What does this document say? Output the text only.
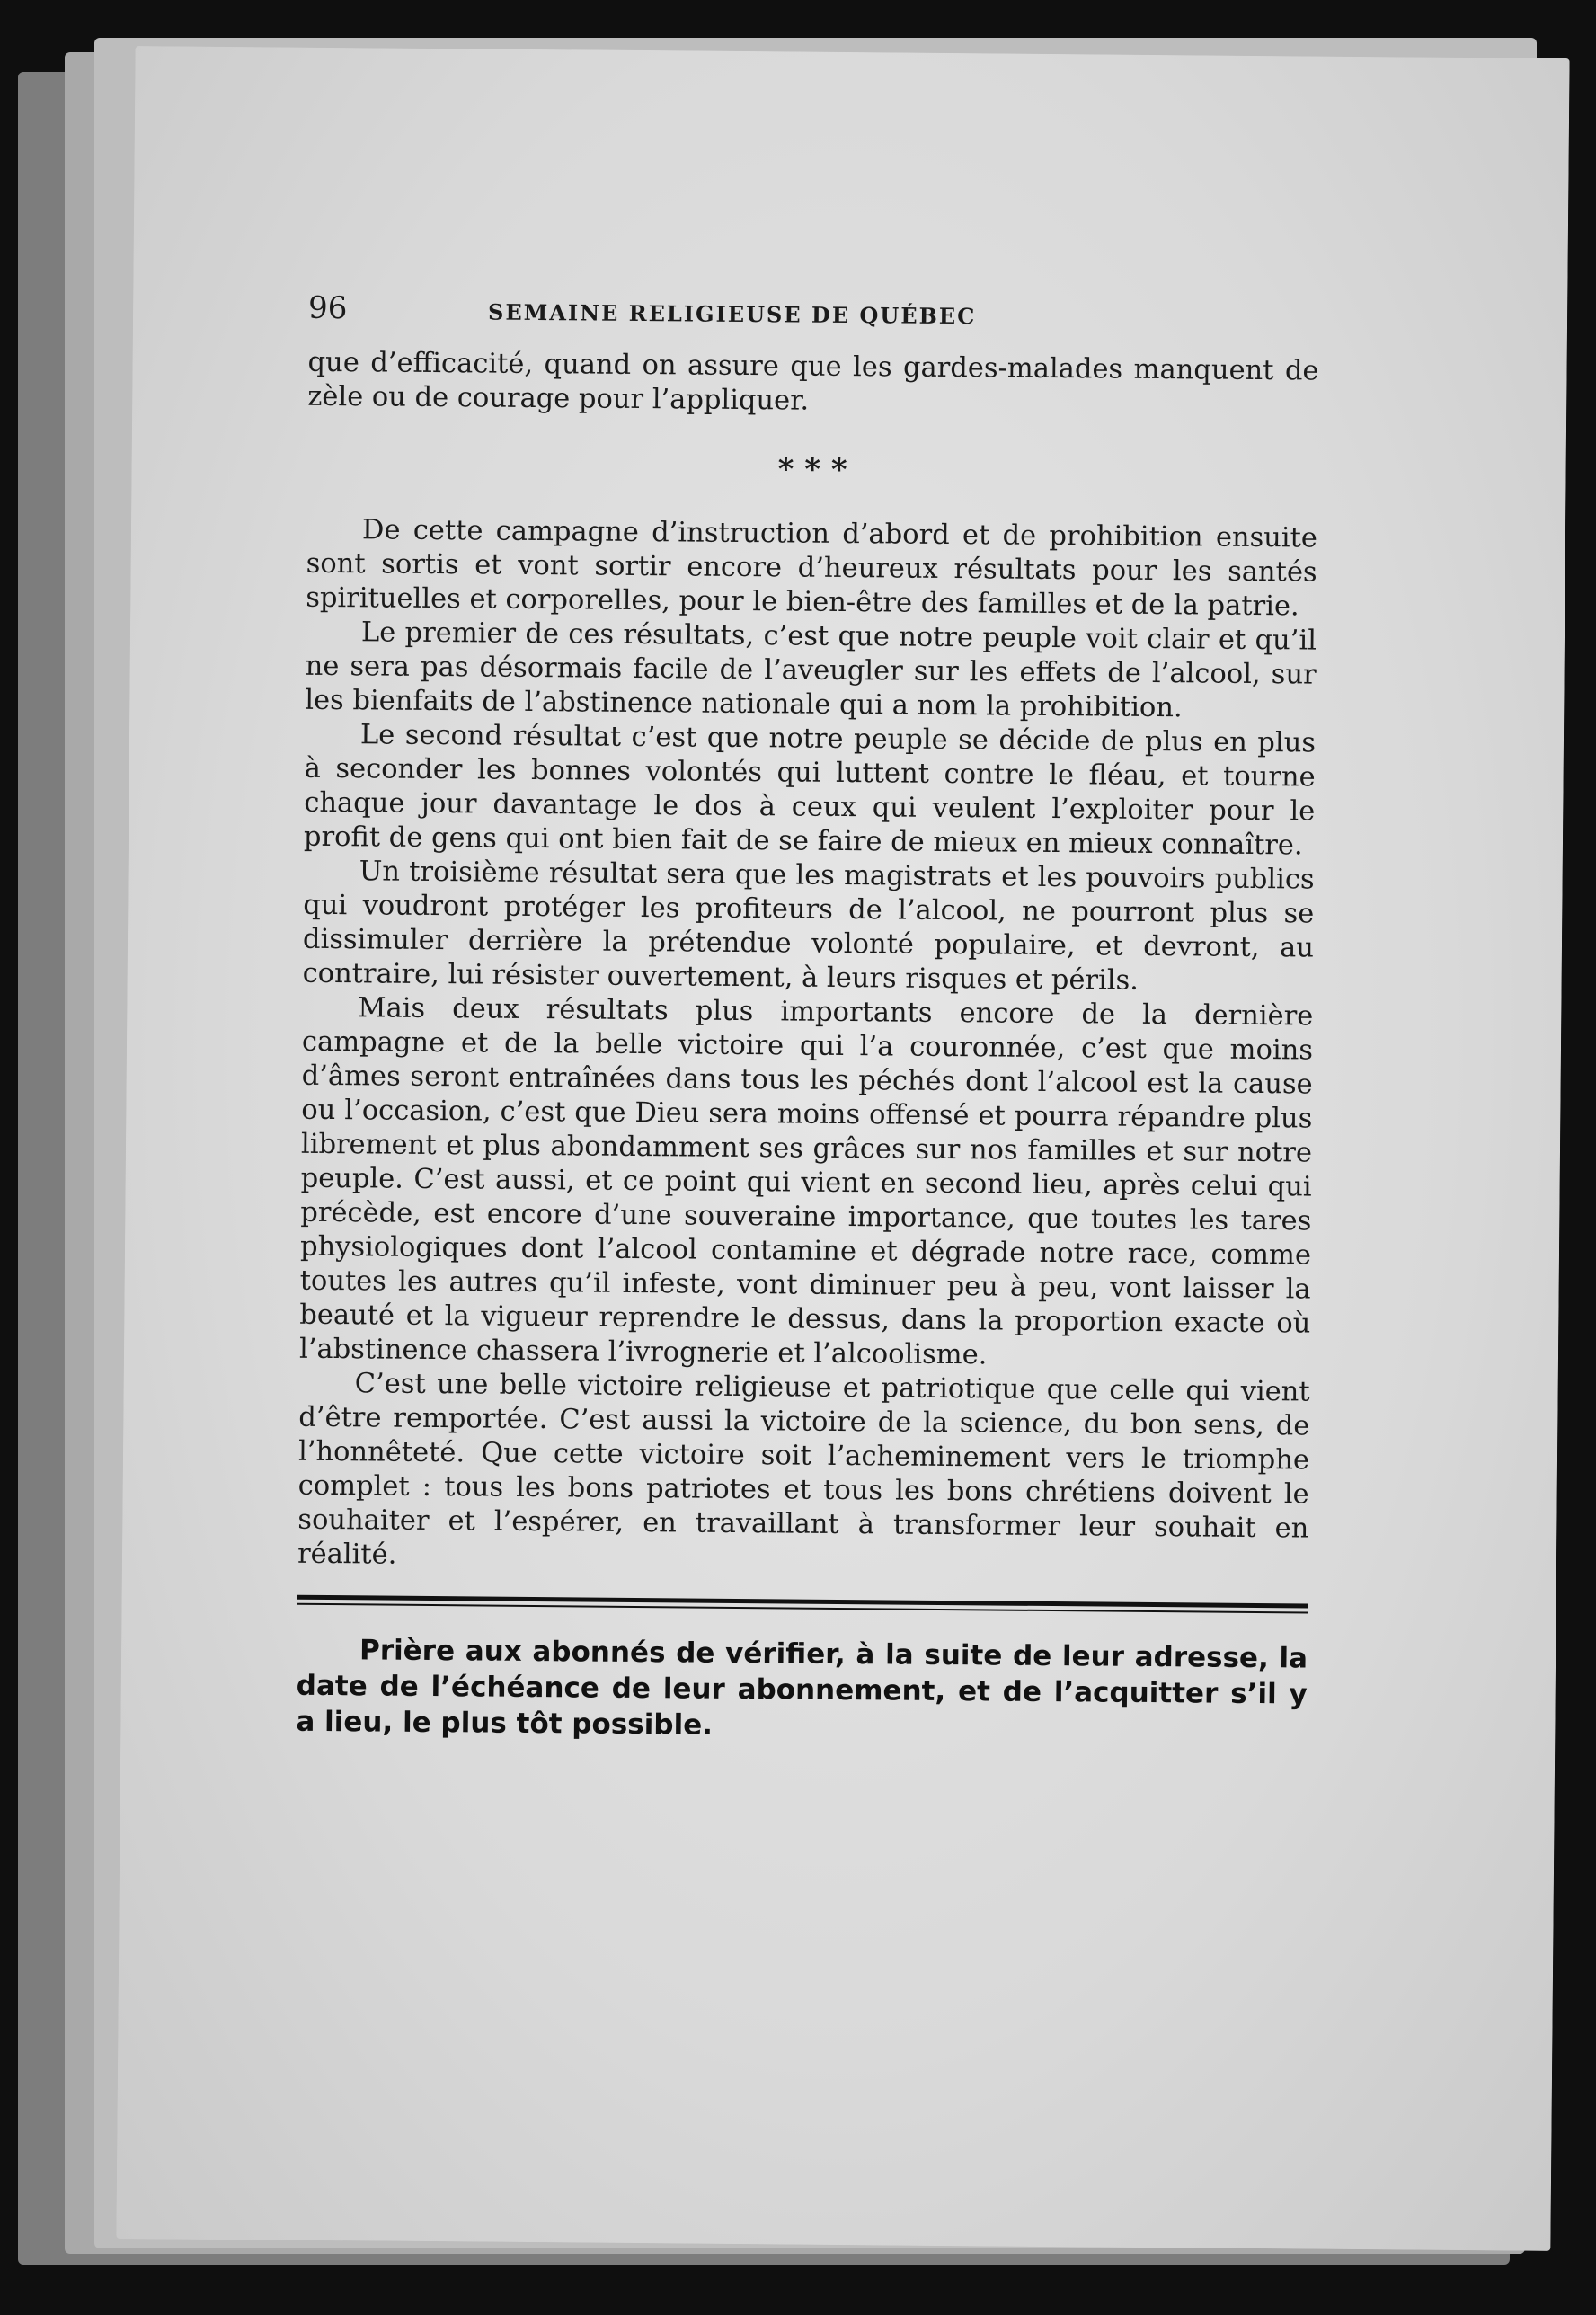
96	SEMAINE RELIGIEUSE DE QUÉBEC

que d’efficacité, quand on assure que les gardes-malades manquent de zèle ou de courage pour l’appliquer.

* * *

De cette campagne d’instruction d’abord et de prohibition ensuite sont sortis et vont sortir encore d’heureux résultats pour les santés spirituelles et corporelles, pour le bien-être des familles et de la patrie.

Le premier de ces résultats, c’est que notre peuple voit clair et qu’il ne sera pas désormais facile de l’aveugler sur les effets de l’alcool, sur les bienfaits de l’abstinence nationale qui a nom la prohibition.

Le second résultat c’est que notre peuple se décide de plus en plus à seconder les bonnes volontés qui luttent contre le fléau, et tourne chaque jour davantage le dos à ceux qui veulent l’exploiter pour le profit de gens qui ont bien fait de se faire de mieux en mieux connaître.

Un troisième résultat sera que les magistrats et les pouvoirs publics qui voudront protéger les profiteurs de l’alcool, ne pourront plus se dissimuler derrière la prétendue volonté populaire, et devront, au contraire, lui résister ouvertement, à leurs risques et périls.

Mais deux résultats plus importants encore de la dernière campagne et de la belle victoire qui l’a couronnée, c’est que moins d’âmes seront entraînées dans tous les péchés dont l’alcool est la cause ou l’occasion, c’est que Dieu sera moins offensé et pourra répandre plus librement et plus abondamment ses grâces sur nos familles et sur notre peuple. C’est aussi, et ce point qui vient en second lieu, après celui qui précède, est encore d’une souveraine importance, que toutes les tares physiologiques dont l’alcool contamine et dégrade notre race, comme toutes les autres qu’il infeste, vont diminuer peu à peu, vont laisser la beauté et la vigueur reprendre le dessus, dans la proportion exacte où l’abstinence chassera l’ivrognerie et l’alcoolisme.

C’est une belle victoire religieuse et patriotique que celle qui vient d’être remportée. C’est aussi la victoire de la science, du bon sens, de l’honnêteté. Que cette victoire soit l’acheminement vers le triomphe complet : tous les bons patriotes et tous les bons chrétiens doivent le souhaiter et l’espérer, en travaillant à transformer leur souhait en réalité.

Prière aux abonnés de vérifier, à la suite de leur adresse, la date de l’échéance de leur abonnement, et de l’acquitter s’il y a lieu, le plus tôt possible.
